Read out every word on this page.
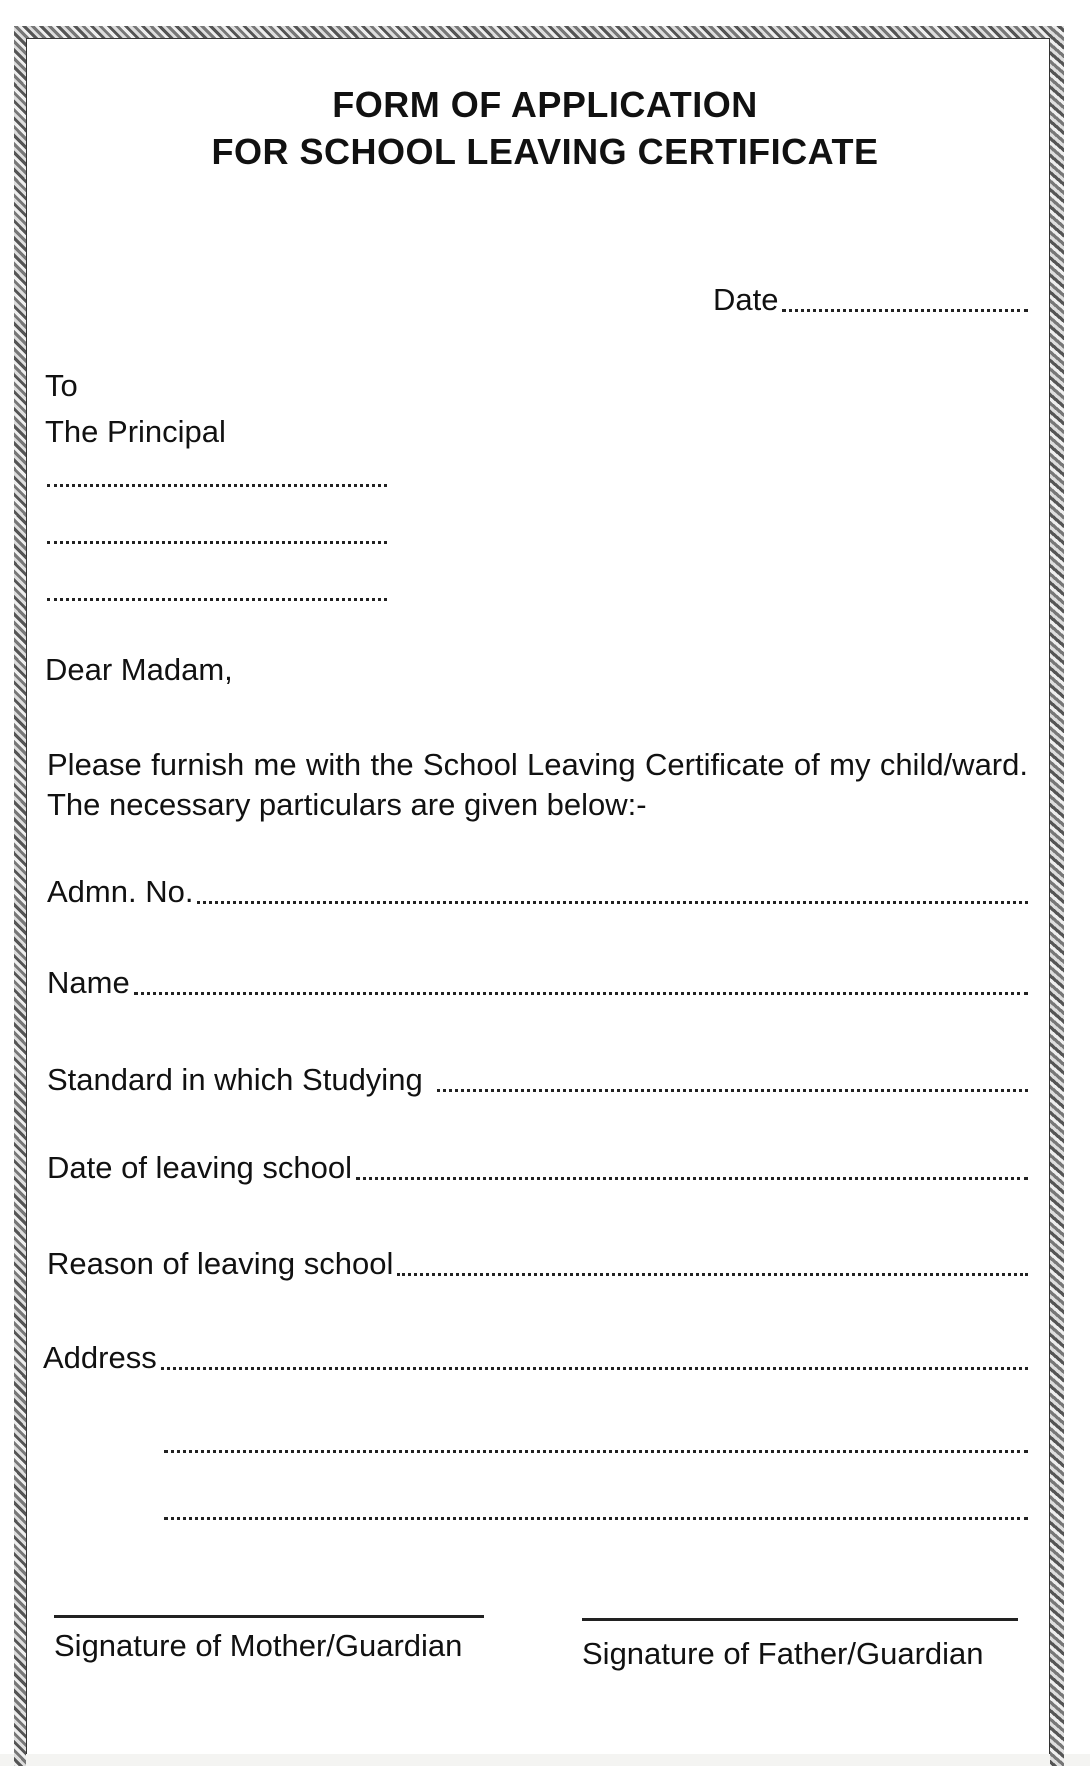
FORM OF APPLICATION
FOR SCHOOL LEAVING CERTIFICATE
Date
To
The Principal
Dear Madam,
Please furnish me with the School Leaving Certificate of my child/ward. The necessary particulars are given below:-
Admn. No.
Name
Standard in which Studying
Date of leaving school
Reason of leaving school
Address
Signature of Mother/Guardian	Signature of Father/Guardian
